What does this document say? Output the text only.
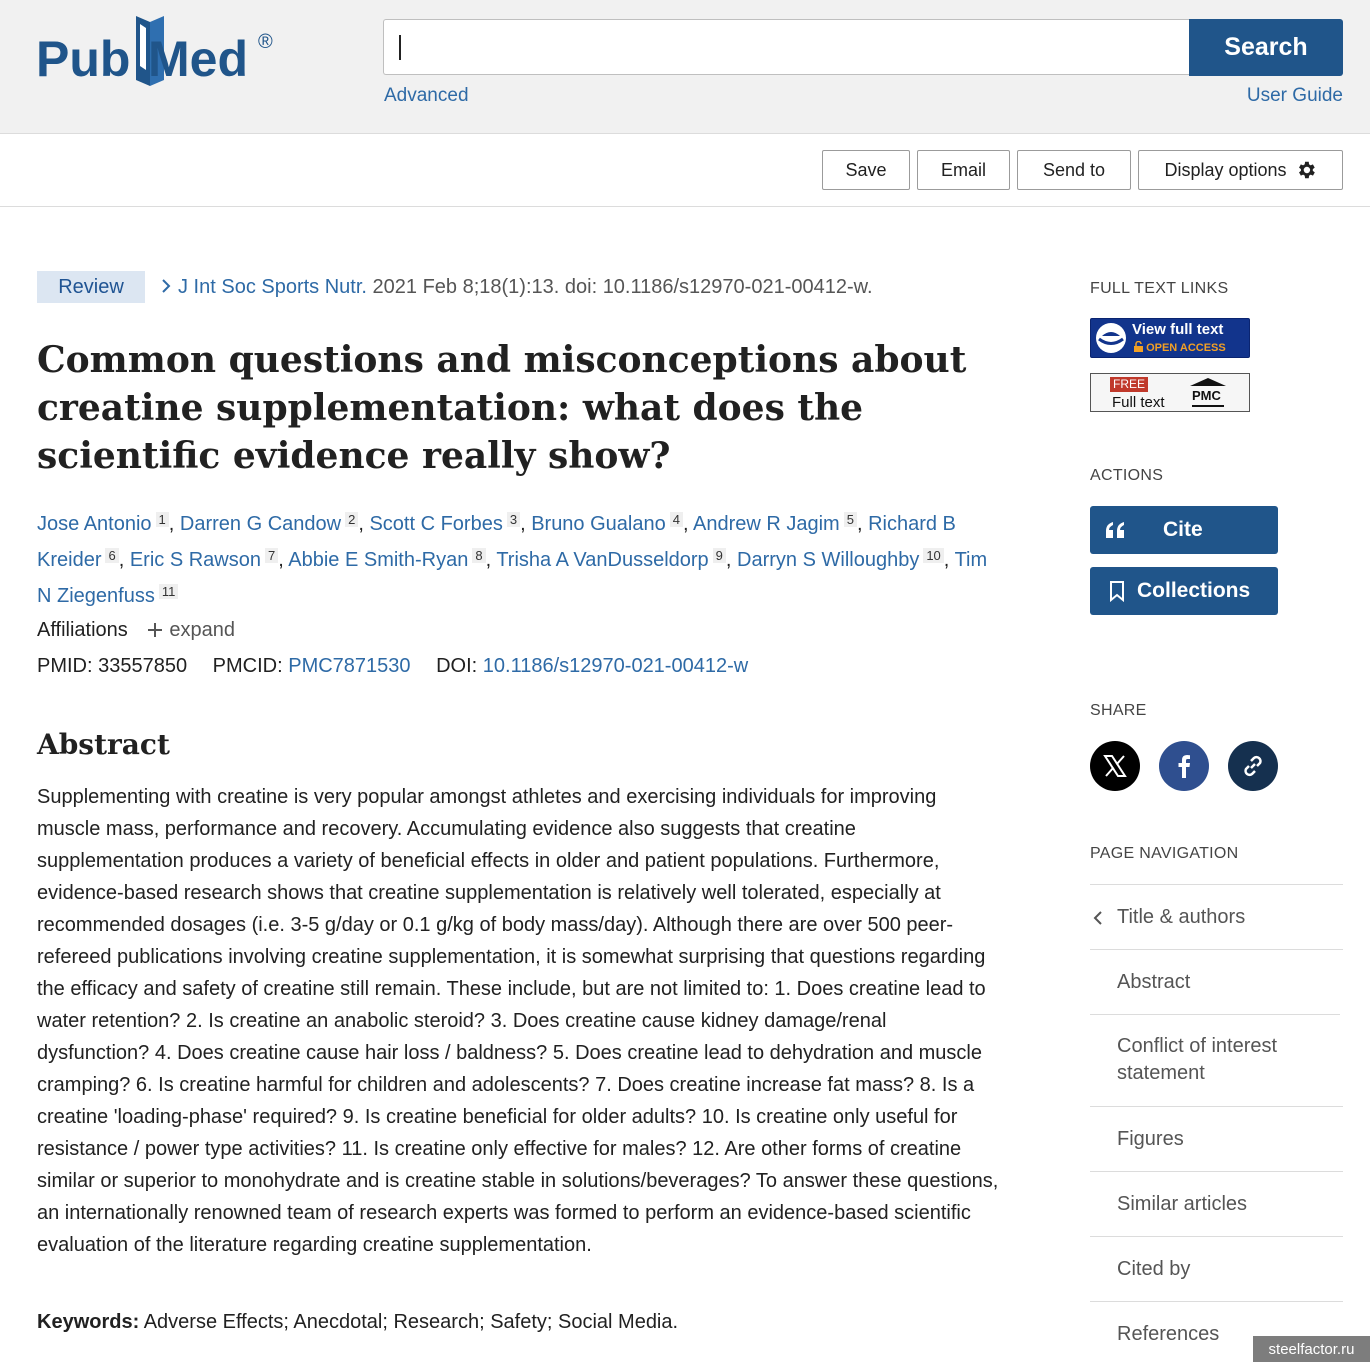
Pub Med ®	Search
Advanced	User Guide
Save	Email	Send to	Display options
Review	J Int Soc Sports Nutr. 2021 Feb 8;18(1):13. doi: 10.1186/s12970-021-00412-w.
Common questions and misconceptions about creatine supplementation: what does the scientific evidence really show?
Jose Antonio $^1$ , Darren G Candow $^2$ , Scott C Forbes $^3$ , Bruno Gualano $^4$ , Andrew R Jagim $^5$ , Richard B Kreider $^6$ , Eric S Rawson $^7$ , Abbie E Smith-Ryan $^8$ , Trisha A VanDusseldorp $^9$ , Darryn S Willoughby $^{10}$ , Tim N Ziegenfuss $^{11}$
Affiliations expand
PMID: 33557850 PMCID: PMC7871530 DOI: 10.1186/s12970-021-00412-w
Abstract

Supplementing with creatine is very popular amongst athletes and exercising individuals for improving muscle mass, performance and recovery. Accumulating evidence also suggests that creatine supplementation produces a variety of beneficial effects in older and patient populations. Furthermore, evidence-based research shows that creatine supplementation is relatively well tolerated, especially at recommended dosages (i.e. 3-5 g/day or 0.1 g/kg of body mass/day). Although there are over 500 peer-refereed publications involving creatine supplementation, it is somewhat surprising that questions regarding the efficacy and safety of creatine still remain. These include, but are not limited to: 1. Does creatine lead to water retention? 2. Is creatine an anabolic steroid? 3. Does creatine cause kidney damage/renal dysfunction? 4. Does creatine cause hair loss / baldness? 5. Does creatine lead to dehydration and muscle cramping? 6. Is creatine harmful for children and adolescents? 7. Does creatine increase fat mass? 8. Is a creatine 'loading-phase' required? 9. Is creatine beneficial for older adults? 10. Is creatine only useful for resistance / power type activities? 11. Is creatine only effective for males? 12. Are other forms of creatine similar or superior to monohydrate and is creatine stable in solutions/beverages? To answer these questions, an internationally renowned team of research experts was formed to perform an evidence-based scientific evaluation of the literature regarding creatine supplementation.

Keywords: Adverse Effects; Anecdotal; Research; Safety; Social Media.
FULL TEXT LINKS
View full text
OPEN ACCESS
FREE
Full text PMC
ACTIONS
Cite
Collections
SHARE
PAGE NAVIGATION
Title & authors
Abstract
Conflict of interest statement
Figures
Similar articles
Cited by
References
steelfactor.ru
